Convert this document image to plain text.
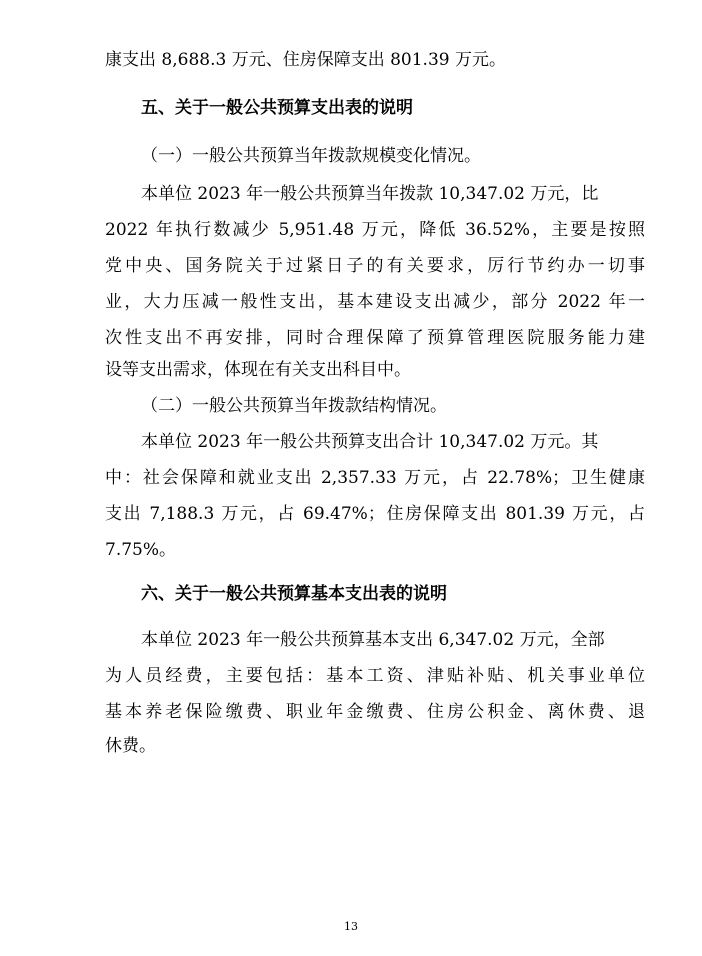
康支出 8,688.3 万元、住房保障支出 801.39 万元。
五、关于一般公共预算支出表的说明
（一）一般公共预算当年拨款规模变化情况。
本单位 2023 年一般公共预算当年拨款 10,347.02 万元，比
2022 年执行数减少 5,951.48 万元，降低 36.52%，主要是按照
党中央、国务院关于过紧日子的有关要求，厉行节约办一切事
业，大力压减一般性支出，基本建设支出减少，部分 2022 年一
次性支出不再安排，同时合理保障了预算管理医院服务能力建
设等支出需求，体现在有关支出科目中。
（二）一般公共预算当年拨款结构情况。
本单位 2023 年一般公共预算支出合计 10,347.02 万元。其
中：社会保障和就业支出 2,357.33 万元，占 22.78%；卫生健康
支出 7,188.3 万元，占 69.47%；住房保障支出 801.39 万元，占
7.75%。
六、关于一般公共预算基本支出表的说明
本单位 2023 年一般公共预算基本支出 6,347.02 万元，全部
为人员经费，主要包括：基本工资、津贴补贴、机关事业单位
基本养老保险缴费、职业年金缴费、住房公积金、离休费、退
休费。
13
